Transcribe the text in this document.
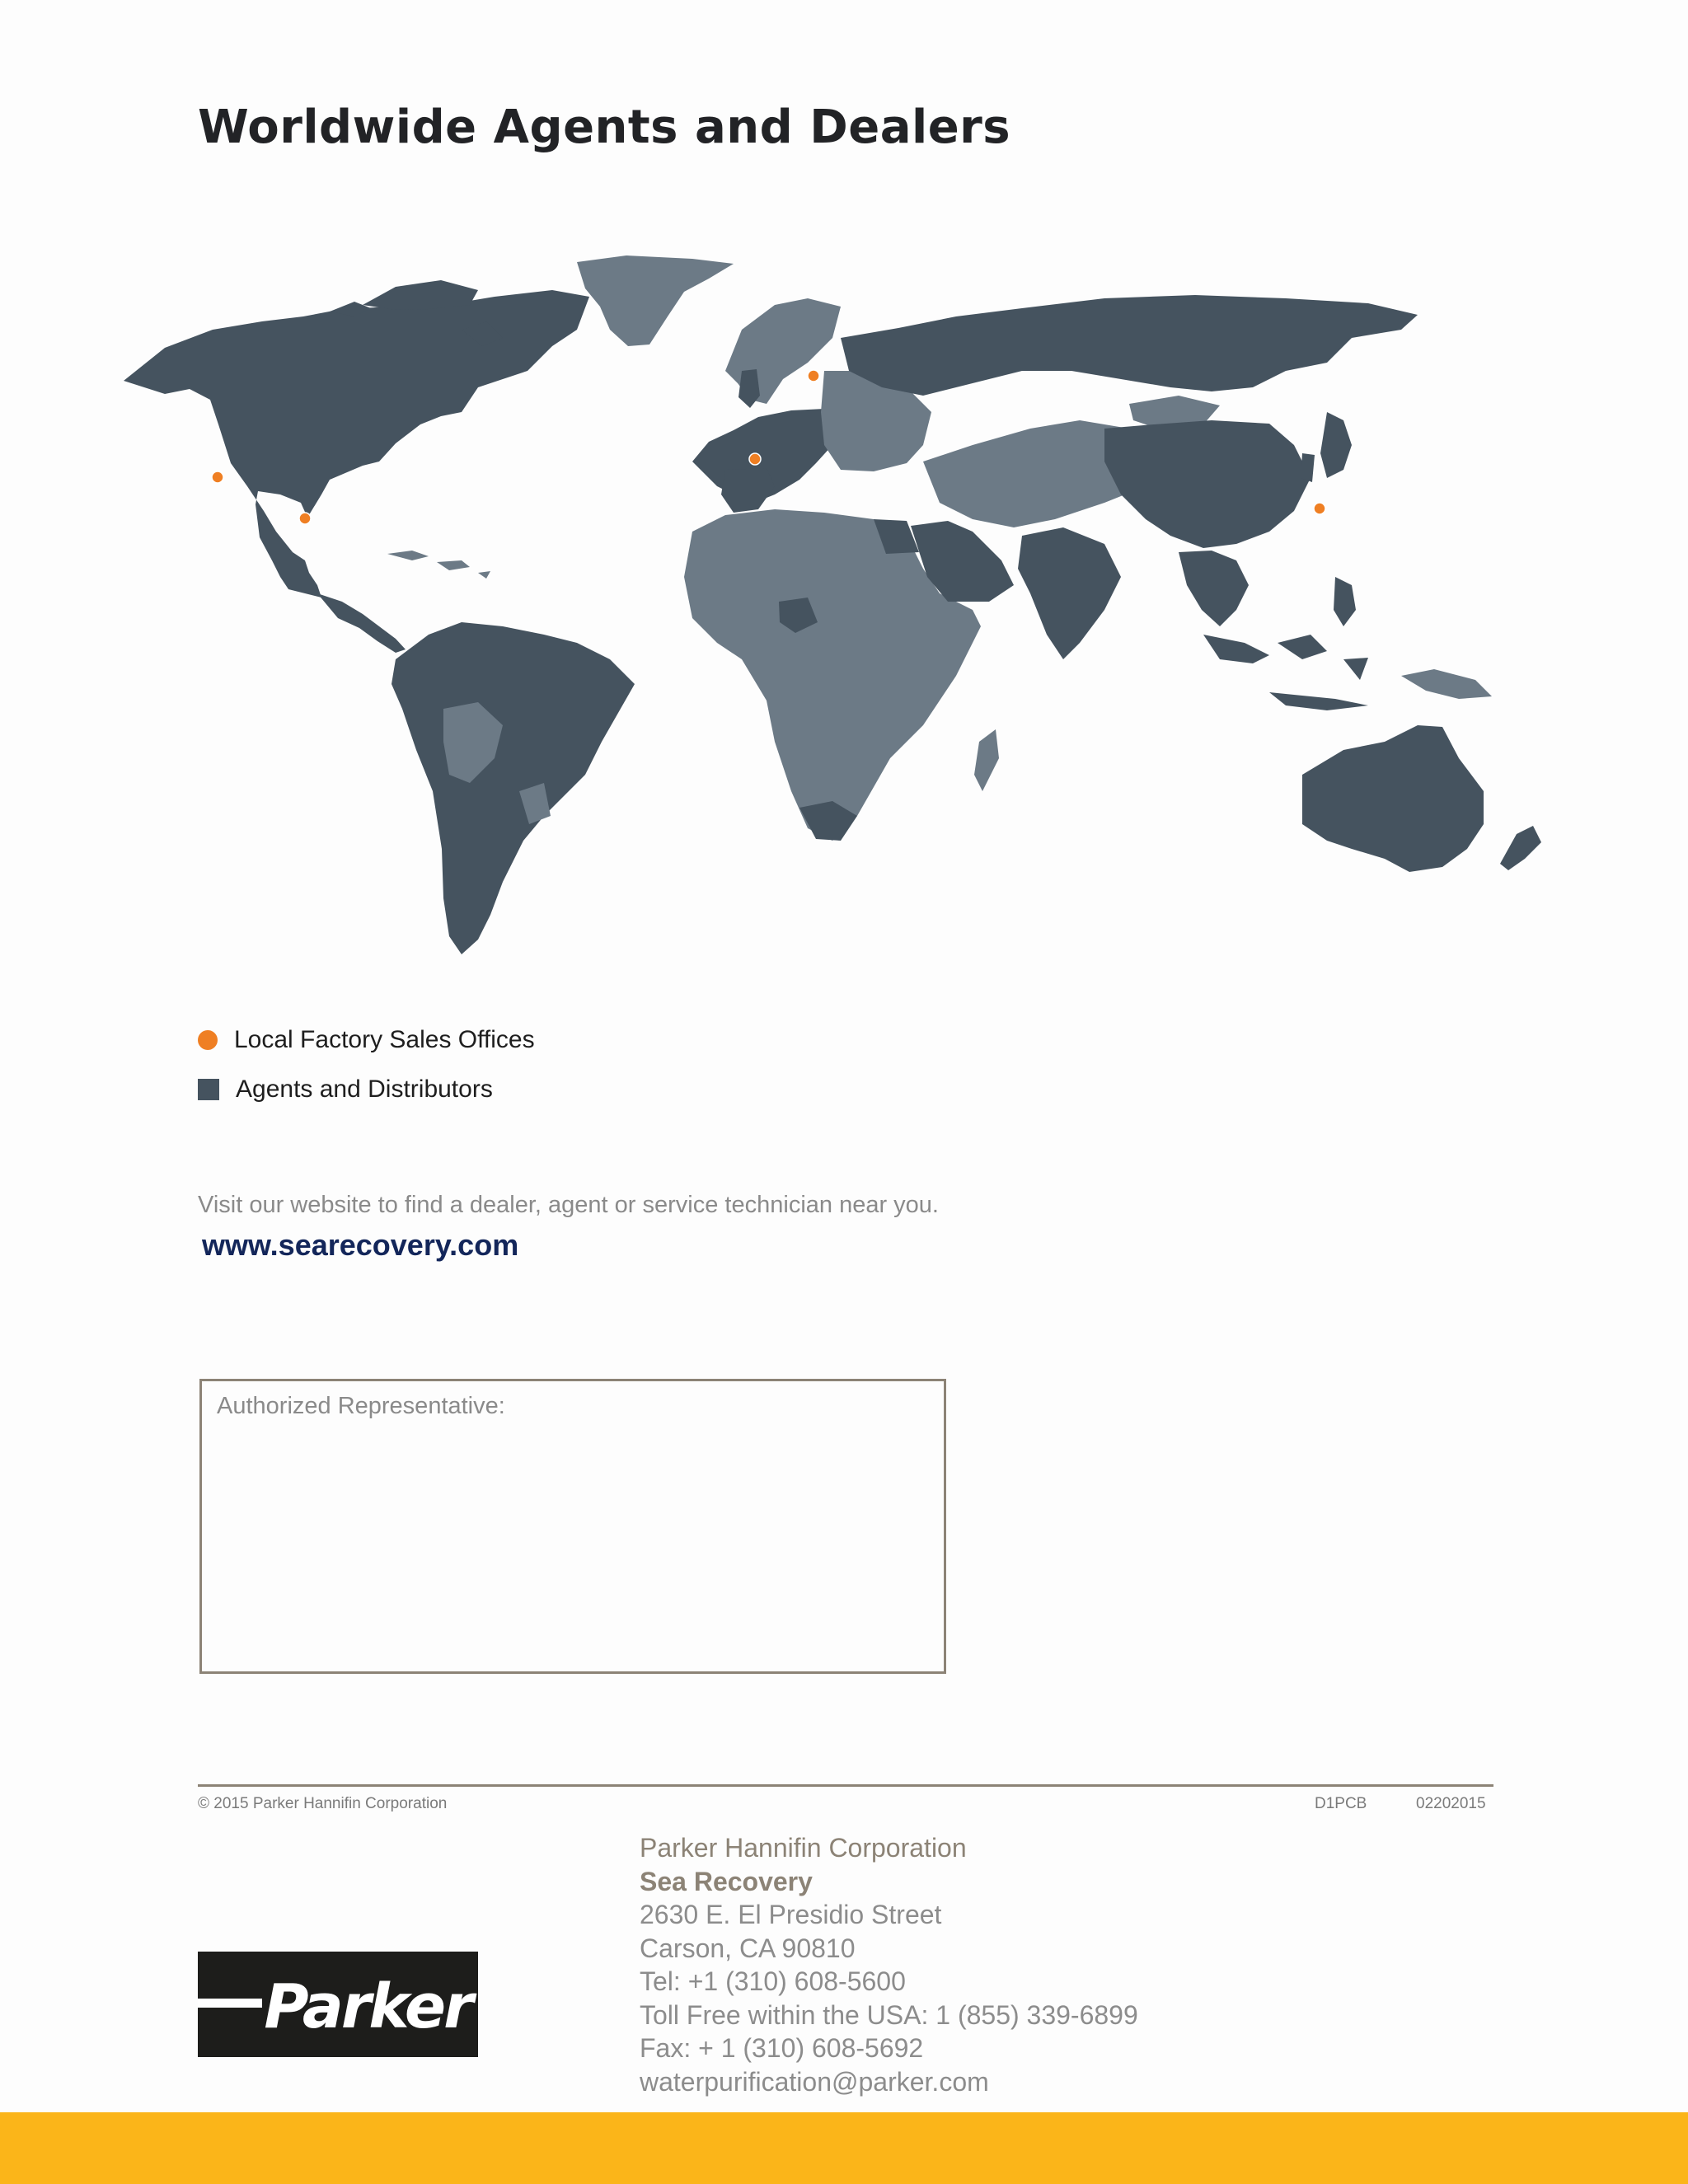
Worldwide Agents and Dealers
Local Factory Sales Offices
Agents and Distributors
Visit our website to find a dealer, agent or service technician near you.
www.searecovery.com
Authorized Representative:
© 2015 Parker Hannifin Corporation	D1PCB	02202015
Parker
Parker Hannifin Corporation
Sea Recovery
2630 E. El Presidio Street
Carson, CA 90810
Tel: +1 (310) 608-5600
Toll Free within the USA: 1 (855) 339-6899
Fax: + 1 (310) 608-5692
waterpurification@parker.com
